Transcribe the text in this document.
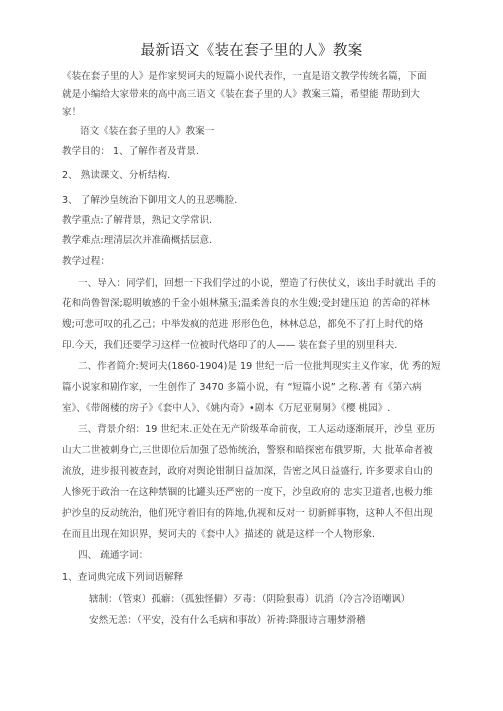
最新语文《装在套子里的人》教案
《装在套子里的人》是作家契诃夫的短篇小说代表作，一直是语文教学传统名篇，下面
就是小编给大家带来的高中高三语文《装在套子里的人》教案三篇，希望能 帮助到大
家！
语文《装在套子里的人》教案一
教学目的： 1、了解作者及背景.
2、 熟读课文、分析结构.
3、 了解沙皇统治下御用文人的丑恶嘴脸.
教学重点:了解背景，熟记文学常识.
教学难点:理清层次并准确概括层意.
教学过程：
一、导入：同学们，回想一下我们学过的小说，塑造了行侠仗义，该出手时就出 手的
花和尚鲁智深;聪明敏感的千金小姐林黛玉;温柔善良的水生嫂;受封建压迫 的苦命的祥林
嫂;可悲可叹的孔乙己；中举发疯的范进 形形色色，林林总总，都免不了打上时代的烙
印.今天，我们还要学习这样一位被时代烙印了的人—— 装在套子里的别里科夫.
二、作者简介:契诃夫(1860-1904)是 19 世纪一后一位批判现实主义作家，优 秀的短
篇小说家和剧作家，一生创作了 3470 多篇小说，有 “短篇小说” 之称.著 有《第六病
室》、《带阁楼的房子》《套中人》、《姚内奇》•剧本《万尼亚舅舅》《樱 桃园》.
三、背景介绍：19 世纪末.正处在无产阶级革命前夜，工人运动逐渐展开，沙皇 亚历
山大二世被刺身亡,三世即位后加强了恐怖统治，警察和暗探密布俄罗斯，大 批革命者被
流放，进步报刊被查封，政府对舆论钳制日益加深，告密之风日益盛行, 许多要求自山的
人惨死于政治一在这种禁锢的比罐头还严密的一度下，沙皇政府的 忠实卫道者,也极力维
护沙皇的反动统治，他们死守着旧有的阵地,仇视和反对一 切新鲜事物，这种人不但出现
在而且出现在知识界，契诃夫的《套中人》描述的 就是这样一个人物形象.
四、 疏通字词：
1、查词典完成下列词语解释
辖制：（管束）孤癖：（孤独怪僻）歹毒：（阴险狠毒）讥消（冷言冷语嘲讽）
安然无恙：（平安，没有什么毛病和事故）祈祷:降服诗言珊梦滑稽
